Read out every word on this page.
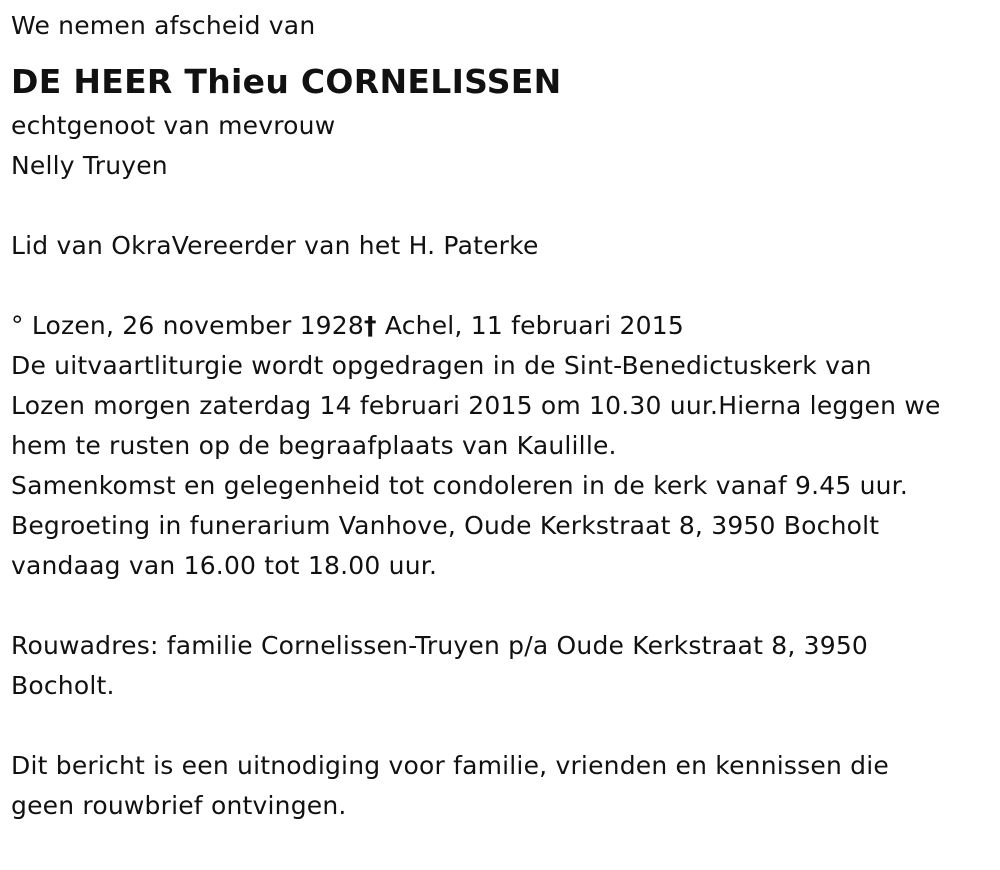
We nemen afscheid van
DE HEER Thieu CORNELISSEN
echtgenoot van mevrouw
Nelly Truyen
Lid van OkraVereerder van het H. Paterke
° Lozen, 26 november 1928† Achel, 11 februari 2015
De uitvaartliturgie wordt opgedragen in de Sint-Benedictuskerk van
Lozen morgen zaterdag 14 februari 2015 om 10.30 uur.Hierna leggen we
hem te rusten op de begraafplaats van Kaulille.
Samenkomst en gelegenheid tot condoleren in de kerk vanaf 9.45 uur.
Begroeting in funerarium Vanhove, Oude Kerkstraat 8, 3950 Bocholt
vandaag van 16.00 tot 18.00 uur.
Rouwadres: familie Cornelissen-Truyen p/a Oude Kerkstraat 8, 3950
Bocholt.
Dit bericht is een uitnodiging voor familie, vrienden en kennissen die
geen rouwbrief ontvingen.
